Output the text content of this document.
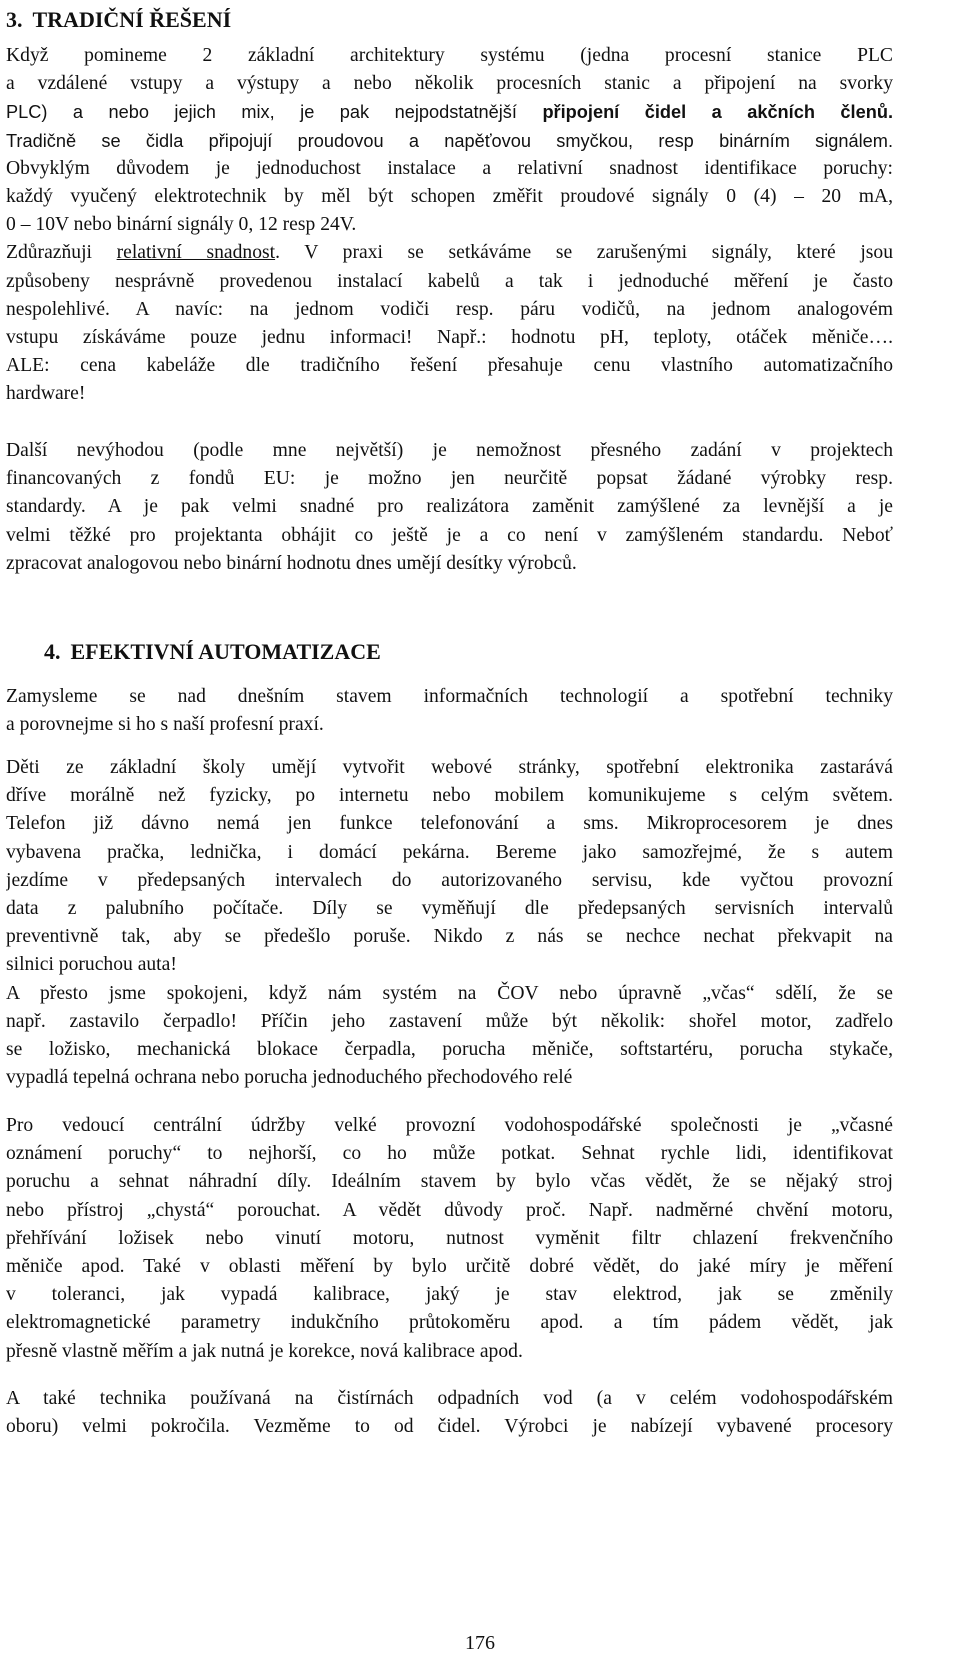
3. TRADIČNÍ ŘEŠENÍ
Když pomineme 2 základní architektury systému (jedna procesní stanice PLC
a vzdálené vstupy a výstupy a nebo několik procesních stanic a připojení na svorky
PLC) a nebo jejich mix, je pak nejpodstatnější připojení čidel a akčních členů.
Tradičně se čidla připojují proudovou a napěťovou smyčkou, resp binárním signálem.
Obvyklým důvodem je jednoduchost instalace a relativní snadnost identifikace poruchy:
každý vyučený elektrotechnik by měl být schopen změřit proudové signály 0 (4) – 20 mA,
0 – 10V nebo binární signály 0, 12 resp 24V.
Zdůrazňuji relativní snadnost. V praxi se setkáváme se zarušenými signály, které jsou
způsobeny nesprávně provedenou instalací kabelů a tak i jednoduché měření je často
nespolehlivé. A navíc: na jednom vodiči resp. páru vodičů, na jednom analogovém
vstupu získáváme pouze jednu informaci! Např.: hodnotu pH, teploty, otáček měniče….
ALE: cena kabeláže dle tradičního řešení přesahuje cenu vlastního automatizačního
hardware!
Další nevýhodou (podle mne největší) je nemožnost přesného zadání v projektech
financovaných z fondů EU: je možno jen neurčitě popsat žádané výrobky resp.
standardy. A je pak velmi snadné pro realizátora zaměnit zamýšlené za levnější a je
velmi těžké pro projektanta obhájit co ještě je a co není v zamýšleném standardu. Neboť
zpracovat analogovou nebo binární hodnotu dnes umějí desítky výrobců.
4. EFEKTIVNÍ AUTOMATIZACE
Zamysleme se nad dnešním stavem informačních technologií a spotřební techniky
a porovnejme si ho s naší profesní praxí.
Děti ze základní školy umějí vytvořit webové stránky, spotřební elektronika zastarává
dříve morálně než fyzicky, po internetu nebo mobilem komunikujeme s celým světem.
Telefon již dávno nemá jen funkce telefonování a sms. Mikroprocesorem je dnes
vybavena pračka, lednička, i domácí pekárna. Bereme jako samozřejmé, že s autem
jezdíme v předepsaných intervalech do autorizovaného servisu, kde vyčtou provozní
data z palubního počítače. Díly se vyměňují dle předepsaných servisních intervalů
preventivně tak, aby se předešlo poruše. Nikdo z nás se nechce nechat překvapit na
silnici poruchou auta!
A přesto jsme spokojeni, když nám systém na ČOV nebo úpravně „včas“ sdělí, že se
např. zastavilo čerpadlo! Příčin jeho zastavení může být několik: shořel motor, zadřelo
se ložisko, mechanická blokace čerpadla, porucha měniče, softstartéru, porucha stykače,
vypadlá tepelná ochrana nebo porucha jednoduchého přechodového relé
Pro vedoucí centrální údržby velké provozní vodohospodářské společnosti je „včasné
oznámení poruchy“ to nejhorší, co ho může potkat. Sehnat rychle lidi, identifikovat
poruchu a sehnat náhradní díly. Ideálním stavem by bylo včas vědět, že se nějaký stroj
nebo přístroj „chystá“ porouchat. A vědět důvody proč. Např. nadměrné chvění motoru,
přehřívání ložisek nebo vinutí motoru, nutnost vyměnit filtr chlazení frekvenčního
měniče apod. Také v oblasti měření by bylo určitě dobré vědět, do jaké míry je měření
v toleranci, jak vypadá kalibrace, jaký je stav elektrod, jak se změnily
elektromagnetické parametry indukčního průtokoměru apod. a tím pádem vědět, jak
přesně vlastně měřím a jak nutná je korekce, nová kalibrace apod.
A také technika používaná na čistírnách odpadních vod (a v celém vodohospodářském
oboru) velmi pokročila. Vezměme to od čidel. Výrobci je nabízejí vybavené procesory
176
